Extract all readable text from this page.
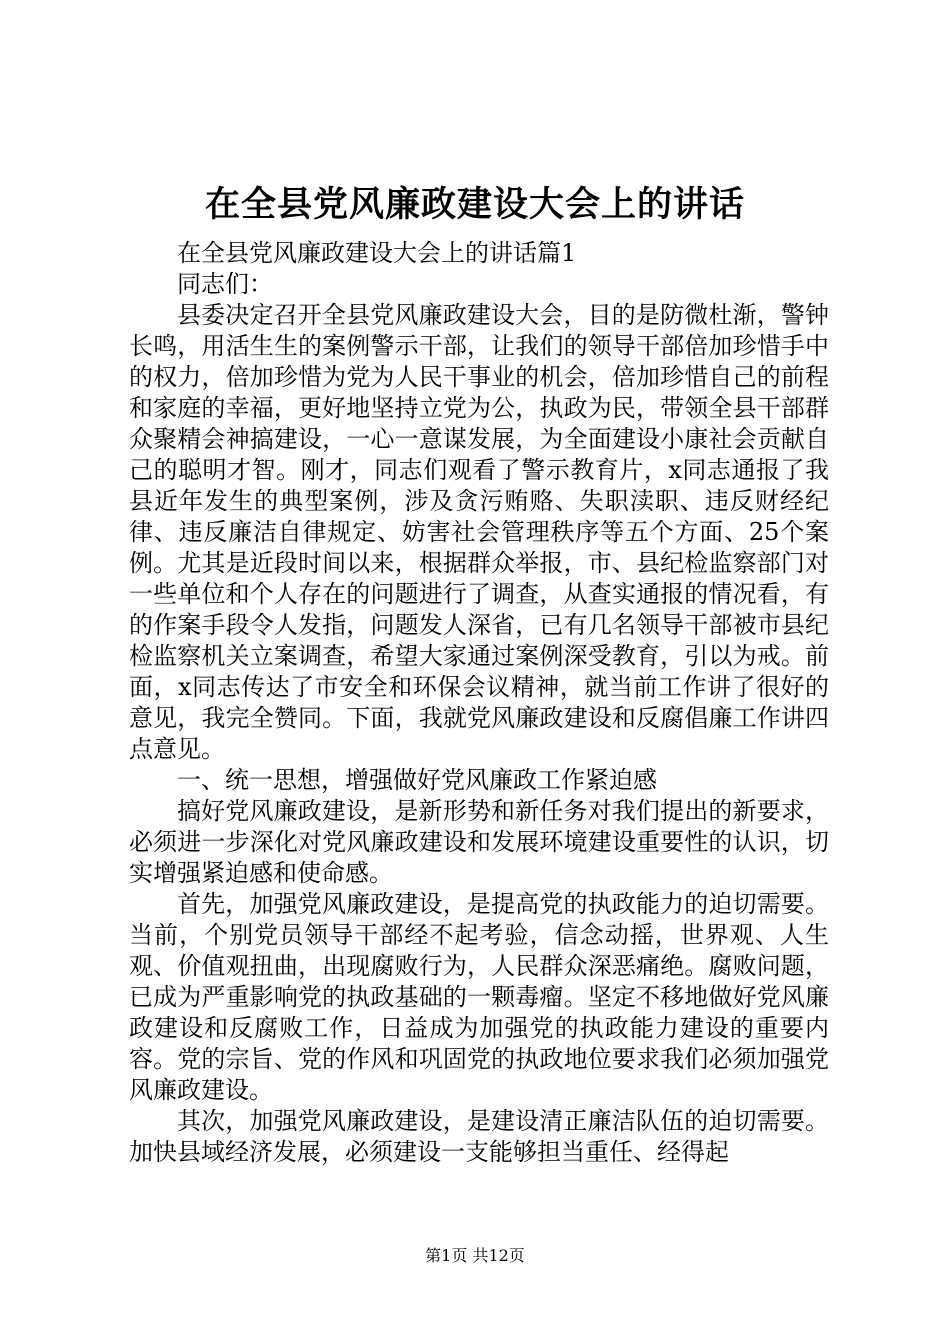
在全县党风廉政建设大会上的讲话

在全县党风廉政建设大会上的讲话篇1

同志们：

县委决定召开全县党风廉政建设大会，目的是防微杜渐，警钟长鸣，用活生生的案例警示干部，让我们的领导干部倍加珍惜手中的权力，倍加珍惜为党为人民干事业的机会，倍加珍惜自己的前程和家庭的幸福，更好地坚持立党为公，执政为民，带领全县干部群众聚精会神搞建设，一心一意谋发展，为全面建设小康社会贡献自己的聪明才智。刚才，同志们观看了警示教育片，x同志通报了我县近年发生的典型案例，涉及贪污贿赂、失职渎职、违反财经纪律、违反廉洁自律规定、妨害社会管理秩序等五个方面、25个案例。尤其是近段时间以来，根据群众举报，市、县纪检监察部门对一些单位和个人存在的问题进行了调查，从查实通报的情况看，有的作案手段令人发指，问题发人深省，已有几名领导干部被市县纪检监察机关立案调查，希望大家通过案例深受教育，引以为戒。前面，x同志传达了市安全和环保会议精神，就当前工作讲了很好的意见，我完全赞同。下面，我就党风廉政建设和反腐倡廉工作讲四点意见。

一、统一思想，增强做好党风廉政工作紧迫感

搞好党风廉政建设，是新形势和新任务对我们提出的新要求，必须进一步深化对党风廉政建设和发展环境建设重要性的认识，切实增强紧迫感和使命感。

首先，加强党风廉政建设，是提高党的执政能力的迫切需要。当前，个别党员领导干部经不起考验，信念动摇，世界观、人生观、价值观扭曲，出现腐败行为，人民群众深恶痛绝。腐败问题，已成为严重影响党的执政基础的一颗毒瘤。坚定不移地做好党风廉政建设和反腐败工作，日益成为加强党的执政能力建设的重要内容。党的宗旨、党的作风和巩固党的执政地位要求我们必须加强党风廉政建设。

其次，加强党风廉政建设，是建设清正廉洁队伍的迫切需要。加快县域经济发展，必须建设一支能够担当重任、经得起

第1页 共12页
